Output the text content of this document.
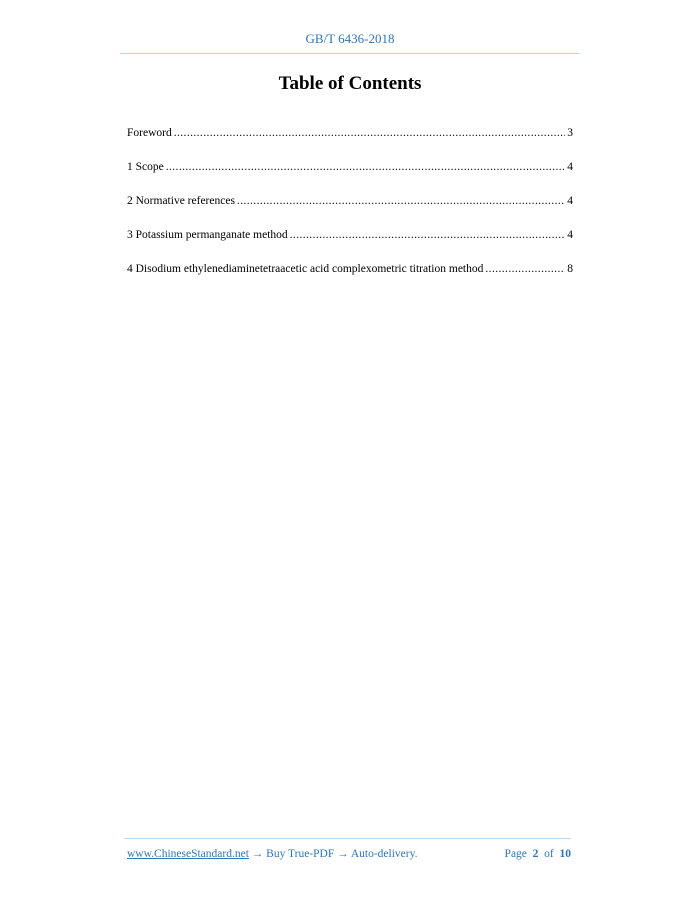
GB/T 6436-2018
Table of Contents
Foreword .....	3
1 Scope .....	4
2 Normative references .....	4
3 Potassium permanganate method .....	4
4 Disodium ethylenediaminetetraacetic acid complexometric titration method .....	8
www.ChineseStandard.net → Buy True-PDF → Auto-delivery.	Page 2 of 10
